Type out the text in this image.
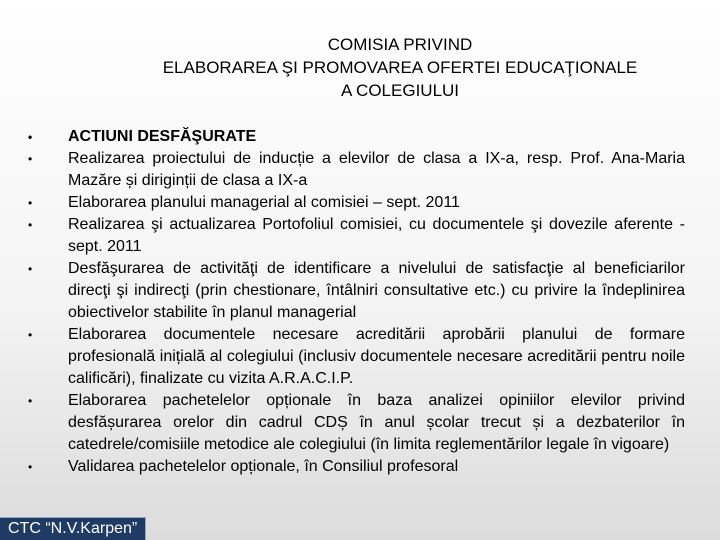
COMISIA PRIVIND
ELABORAREA ŞI PROMOVAREA OFERTEI EDUCAŢIONALE
A COLEGIULUI
• ACTIUNI DESFĂŞURATE
• Realizarea proiectului de inducție a elevilor de clasa a IX-a, resp. Prof. Ana-Maria Mazăre și diriginții de clasa a IX-a
• Elaborarea planului managerial al comisiei – sept. 2011
• Realizarea şi actualizarea Portofoliul comisiei, cu documentele şi dovezile aferente - sept. 2011
• Desfăşurarea de activităţi de identificare a nivelului de satisfacţie al beneficiarilor direcţi şi indirecţi (prin chestionare, întâlniri consultative etc.) cu privire la îndeplinirea obiectivelor stabilite în planul managerial
• Elaborarea documentele necesare acreditării aprobării planului de formare profesională inițială al colegiului (inclusiv documentele necesare acreditării pentru noile calificări), finalizate cu vizita A.R.A.C.I.P.
• Elaborarea pachetelelor opționale în baza analizei opiniilor elevilor privind desfășurarea orelor din cadrul CDȘ în anul școlar trecut și a dezbaterilor în catedrele/comisiile metodice ale colegiului (în limita reglementărilor legale în vigoare)
• Validarea pachetelelor opționale, în Consiliul profesoral
CTC “N.V.Karpen”
